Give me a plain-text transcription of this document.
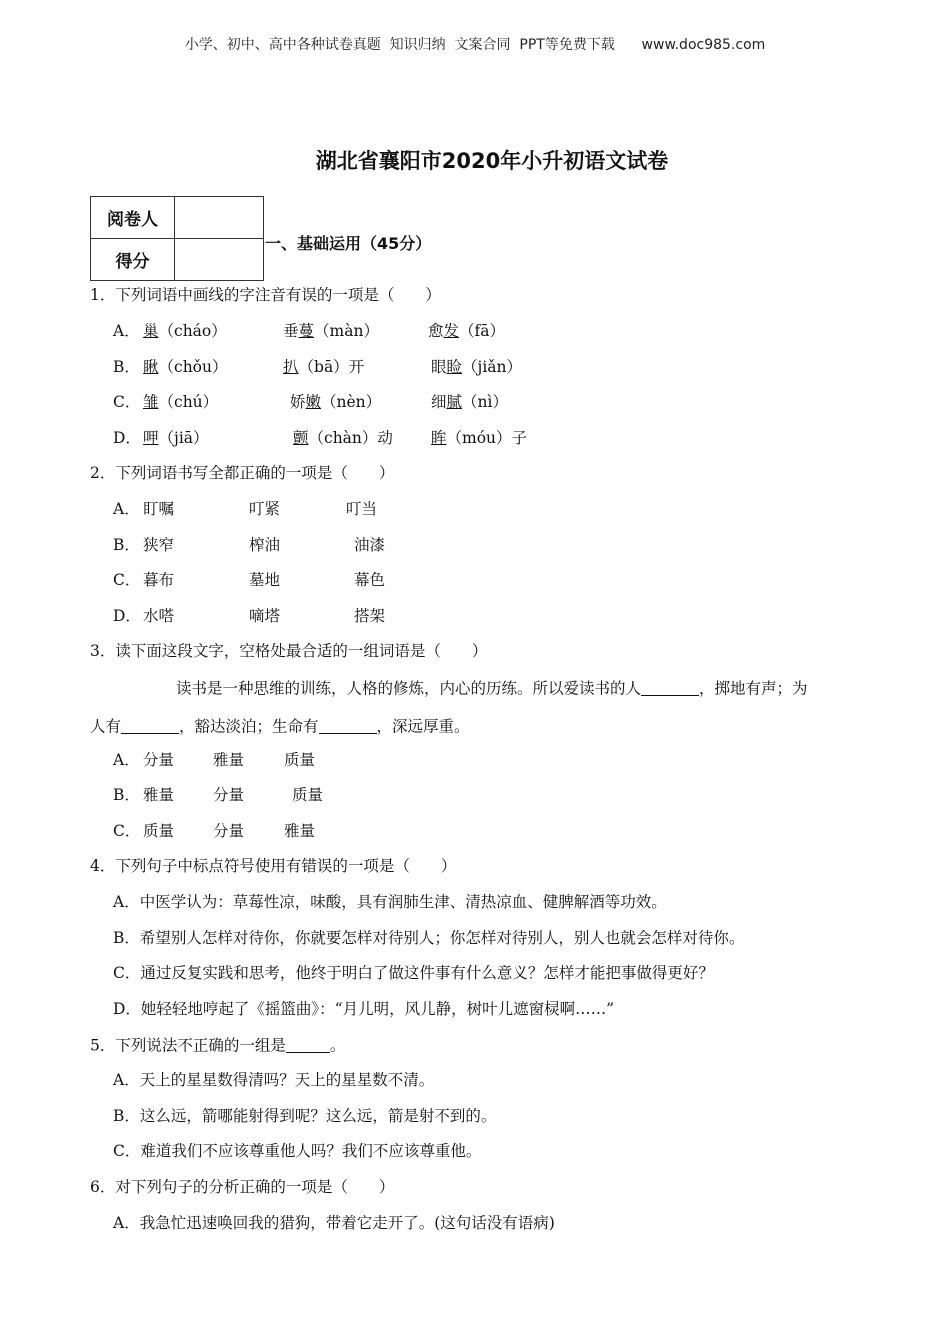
小学、初中、高中各种试卷真题  知识归纳  文案合同  PPT等免费下载      www.doc985.com
湖北省襄阳市2020年小升初语文试卷
阅卷人	
得分	
一、基础运用（45分）
1．下列词语中画线的字注音有误的一项是（　　）
A． 巢（cháo）	垂蔓（màn）	愈发（fā）
B． 瞅（chǒu）	扒（bā）开	眼睑（jiǎn）
C． 雏（chú）	娇嫩（nèn）	细腻（nì）
D． 呷（jiā）	颤（chàn）动 眸（móu）子
2．下列词语书写全都正确的一项是（　　）
A． 盯嘱	叮紧	叮当
B． 狭窄	榨油	油漆
C． 暮布	墓地	幕色
D． 水嗒	嘀塔	搭架
3．读下面这段文字，空格处最合适的一组词语是（　　）
读书是一种思维的训练，人格的修炼，内心的历练。所以爱读书的人	，掷地有声；为
人有	，豁达淡泊；生命有	，深远厚重。
A． 分量	雅量	质量
B． 雅量	分量	质量
C． 质量	分量	雅量
4．下列句子中标点符号使用有错误的一项是（　　）
A．中医学认为：草莓性凉，味酸，具有润肺生津、清热凉血、健脾解酒等功效。
B．希望别人怎样对待你，你就要怎样对待别人；你怎样对待别人，别人也就会怎样对待你。
C．通过反复实践和思考，他终于明白了做这件事有什么意义？怎样才能把事做得更好？
D．她轻轻地哼起了《摇篮曲》：“月儿明，风儿静，树叶儿遮窗棂啊……”
5．下列说法不正确的一组是	。
A．天上的星星数得清吗？天上的星星数不清。
B．这么远，箭哪能射得到呢？这么远，箭是射不到的。
C．难道我们不应该尊重他人吗？我们不应该尊重他。
6．对下列句子的分析正确的一项是（　　）
A．我急忙迅速唤回我的猎狗，带着它走开了。(这句话没有语病)
